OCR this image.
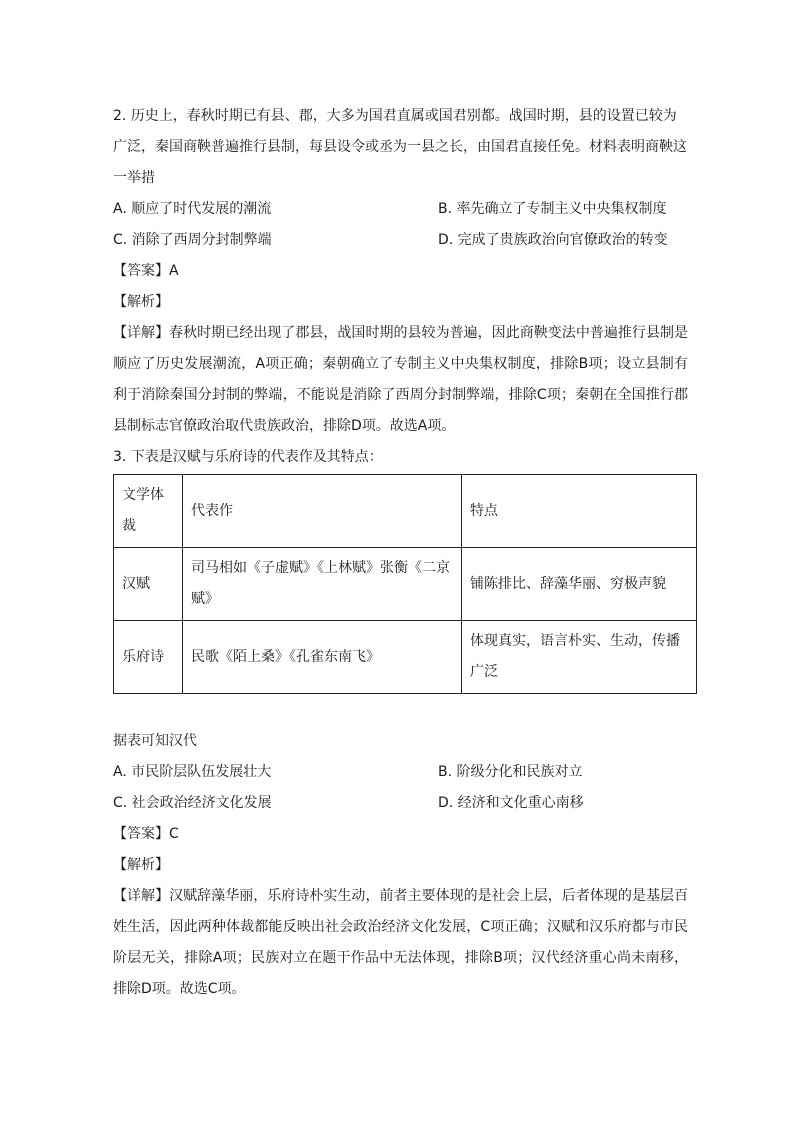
2. 历史上，春秋时期已有县、郡，大多为国君直属或国君别都。战国时期，县的设置已较为广泛，秦国商鞅普遍推行县制，每县设令或丞为一县之长，由国君直接任免。材料表明商鞅这一举措

A. 顺应了时代发展的潮流	B. 率先确立了专制主义中央集权制度
C. 消除了西周分封制弊端	D. 完成了贵族政治向官僚政治的转变

【答案】A

【解析】

【详解】春秋时期已经出现了郡县，战国时期的县较为普遍，因此商鞅变法中普遍推行县制是顺应了历史发展潮流，A项正确；秦朝确立了专制主义中央集权制度，排除B项；设立县制有利于消除秦国分封制的弊端，不能说是消除了西周分封制弊端，排除C项；秦朝在全国推行郡县制标志官僚政治取代贵族政治，排除D项。故选A项。

3. 下表是汉赋与乐府诗的代表作及其特点：

文学体裁	代表作	特点
汉赋	司马相如《子虚赋》《上林赋》张衡《二京赋》	铺陈排比、辞藻华丽、穷极声貌
乐府诗	民歌《陌上桑》《孔雀东南飞》	体现真实，语言朴实、生动，传播广泛

据表可知汉代

A. 市民阶层队伍发展壮大	B. 阶级分化和民族对立
C. 社会政治经济文化发展	D. 经济和文化重心南移

【答案】C

【解析】

【详解】汉赋辞藻华丽，乐府诗朴实生动，前者主要体现的是社会上层，后者体现的是基层百姓生活，因此两种体裁都能反映出社会政治经济文化发展，C项正确；汉赋和汉乐府都与市民阶层无关，排除A项；民族对立在题干作品中无法体现，排除B项；汉代经济重心尚未南移，排除D项。故选C项。
